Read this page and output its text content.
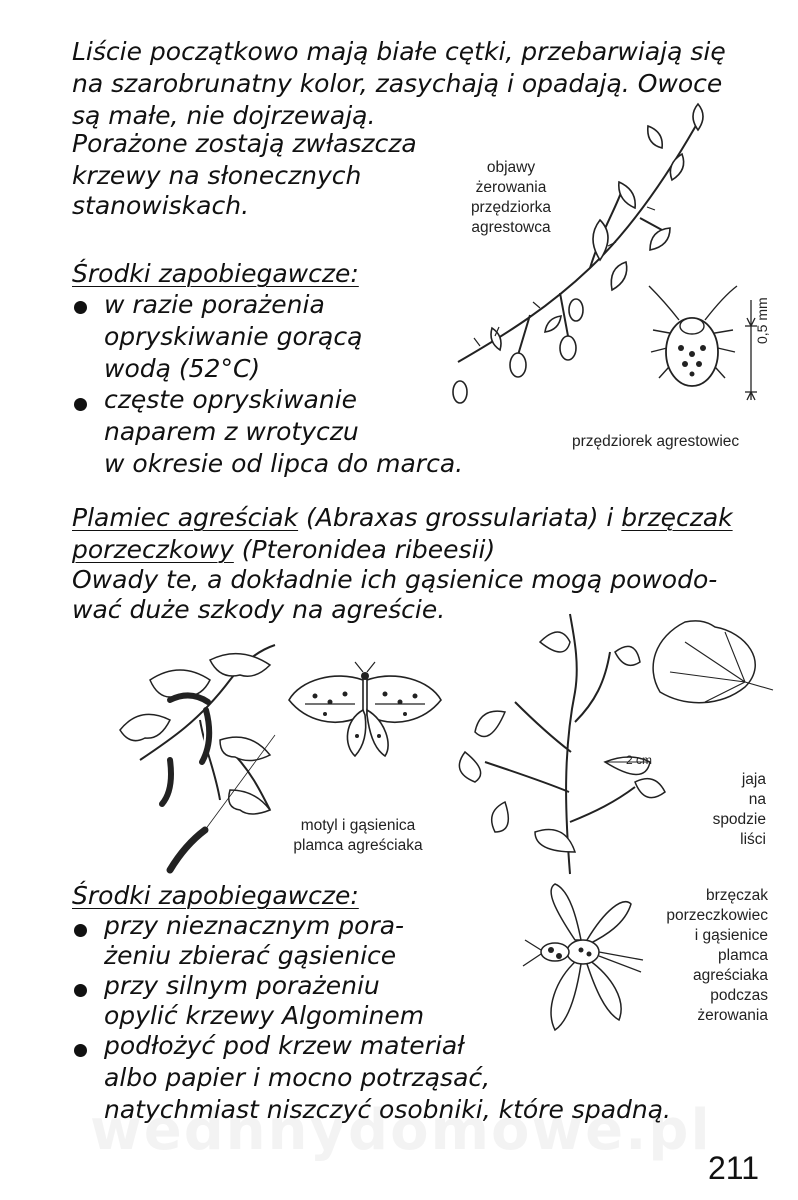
Liście początkowo mają białe cętki, przebarwiają się
na szarobrunatny kolor, zasychają i opadają. Owoce
są małe, nie dojrzewają.
Porażone zostają zwłaszcza
krzewy na słonecznych
stanowiskach.
Środki zapobiegawcze:
w razie porażenia
opryskiwanie gorącą
wodą (52°C)
częste opryskiwanie
naparem z wrotyczu
w okresie od lipca do marca.
objawy
żerowania
przędziorka
agrestowca
0,5 mm
przędziorek agrestowiec
Plamiec agreściak (Abraxas grossulariata) i brzęczak
porzeczkowy (Pteronidea ribeesii)
Owady te, a dokładnie ich gąsienice mogą powodo-
wać duże szkody na agreście.
motyl i gąsienica
plamca agreściaka
2 cm
jaja
na
spodzie
liści
brzęczak
porzeczkowiec
i gąsienice
plamca
agreściaka
podczas
żerowania
Środki zapobiegawcze:
przy nieznacznym pora-
żeniu zbierać gąsienice
przy silnym porażeniu
opylić krzewy Algominem
podłożyć pod krzew materiał
albo papier i mocno potrząsać,
natychmiast niszczyć osobniki, które spadną.
211
